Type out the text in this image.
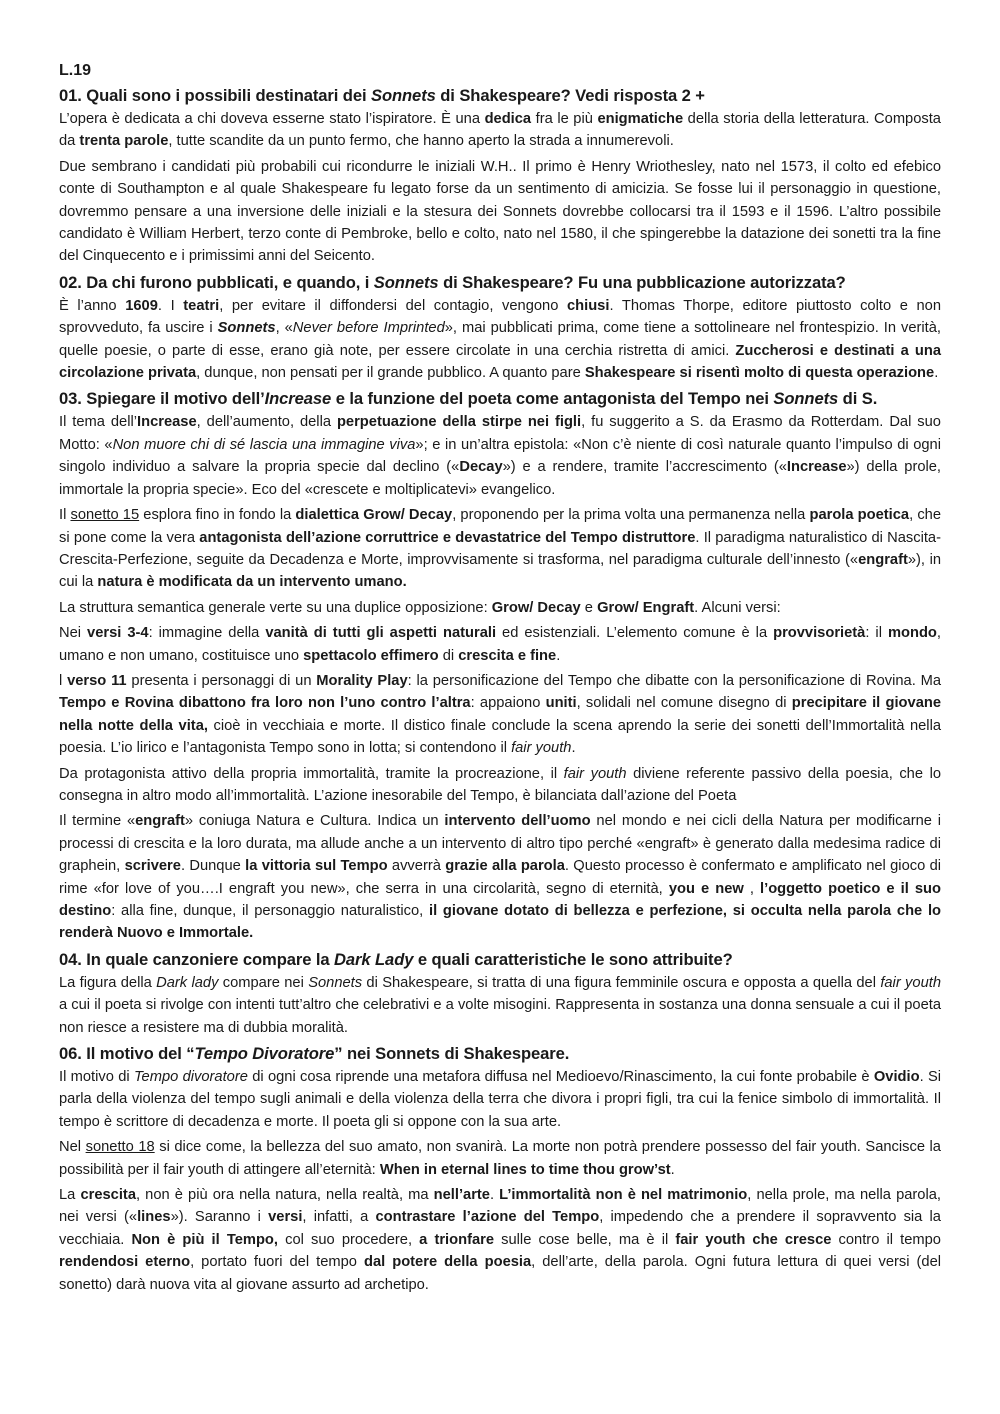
L.19
01. Quali sono i possibili destinatari dei Sonnets di Shakespeare? Vedi risposta 2 +
L’opera è dedicata a chi doveva esserne stato l’ispiratore. È una dedica fra le più enigmatiche della storia della letteratura. Composta da trenta parole, tutte scandite da un punto fermo, che hanno aperto la strada a innumerevoli.
Due sembrano i candidati più probabili cui ricondurre le iniziali W.H.. Il primo è Henry Wriothesley, nato nel 1573, il colto ed efebico conte di Southampton e al quale Shakespeare fu legato forse da un sentimento di amicizia. Se fosse lui il personaggio in questione, dovremmo pensare a una inversione delle iniziali e la stesura dei Sonnets dovrebbe collocarsi tra il 1593 e il 1596. L’altro possibile candidato è William Herbert, terzo conte di Pembroke, bello e colto, nato nel 1580, il che spingerebbe la datazione dei sonetti tra la fine del Cinquecento e i primissimi anni del Seicento.
02. Da chi furono pubblicati, e quando, i Sonnets di Shakespeare? Fu una pubblicazione autorizzata?
È l’anno 1609. I teatri, per evitare il diffondersi del contagio, vengono chiusi. Thomas Thorpe, editore piuttosto colto e non sprovveduto, fa uscire i Sonnets, «Never before Imprinted», mai pubblicati prima, come tiene a sottolineare nel frontespizio. In verità, quelle poesie, o parte di esse, erano già note, per essere circolate in una cerchia ristretta di amici. Zuccherosi e destinati a una circolazione privata, dunque, non pensati per il grande pubblico. A quanto pare Shakespeare si risentì molto di questa operazione.
03. Spiegare il motivo dell’Increase e la funzione del poeta come antagonista del Tempo nei Sonnets di S.
Il tema dell’Increase, dell’aumento, della perpetuazione della stirpe nei figli, fu suggerito a S. da Erasmo da Rotterdam. Dal suo Motto: «Non muore chi di sé lascia una immagine viva»; e in un’altra epistola: «Non c’è niente di così naturale quanto l’impulso di ogni singolo individuo a salvare la propria specie dal declino («Decay») e a rendere, tramite l’accrescimento («Increase») della prole, immortale la propria specie». Eco del «crescete e moltiplicatevi» evangelico.
Il sonetto 15 esplora fino in fondo la dialettica Grow/ Decay, proponendo per la prima volta una permanenza nella parola poetica, che si pone come la vera antagonista dell’azione corruttrice e devastatrice del Tempo distruttore. Il paradigma naturalistico di Nascita-Crescita-Perfezione, seguite da Decadenza e Morte, improvvisamente si trasforma, nel paradigma culturale dell’innesto («engraft»), in cui la natura è modificata da un intervento umano.
La struttura semantica generale verte su una duplice opposizione: Grow/ Decay e Grow/ Engraft. Alcuni versi:
Nei versi 3-4: immagine della vanità di tutti gli aspetti naturali ed esistenziali. L’elemento comune è la provvisorietà: il mondo, umano e non umano, costituisce uno spettacolo effimero di crescita e fine.
l verso 11 presenta i personaggi di un Morality Play: la personificazione del Tempo che dibatte con la personificazione di Rovina. Ma Tempo e Rovina dibattono fra loro non l’uno contro l’altra: appaiono uniti, solidali nel comune disegno di precipitare il giovane nella notte della vita, cioè in vecchiaia e morte. Il distico finale conclude la scena aprendo la serie dei sonetti dell’Immortalità nella poesia. L’io lirico e l’antagonista Tempo sono in lotta; si contendono il fair youth.
Da protagonista attivo della propria immortalità, tramite la procreazione, il fair youth diviene referente passivo della poesia, che lo consegna in altro modo all’immortalità. L’azione inesorabile del Tempo, è bilanciata dall’azione del Poeta
Il termine «engraft» coniuga Natura e Cultura. Indica un intervento dell’uomo nel mondo e nei cicli della Natura per modificarne i processi di crescita e la loro durata, ma allude anche a un intervento di altro tipo perché «engraft» è generato dalla medesima radice di graphein, scrivere. Dunque la vittoria sul Tempo avverrà grazie alla parola. Questo processo è confermato e amplificato nel gioco di rime «for love of you….I engraft you new», che serra in una circolarità, segno di eternità, you e new , l’oggetto poetico e il suo destino: alla fine, dunque, il personaggio naturalistico, il giovane dotato di bellezza e perfezione, si occulta nella parola che lo renderà Nuovo e Immortale.
04. In quale canzoniere compare la Dark Lady e quali caratteristiche le sono attribuite?
La figura della Dark lady compare nei Sonnets di Shakespeare, si tratta di una figura femminile oscura e opposta a quella del fair youth a cui il poeta si rivolge con intenti tutt’altro che celebrativi e a volte misogini. Rappresenta in sostanza una donna sensuale a cui il poeta non riesce a resistere ma di dubbia moralità.
06. Il motivo del “Tempo Divoratore” nei Sonnets di Shakespeare.
Il motivo di Tempo divoratore di ogni cosa riprende una metafora diffusa nel Medioevo/Rinascimento, la cui fonte probabile è Ovidio. Si parla della violenza del tempo sugli animali e della violenza della terra che divora i propri figli, tra cui la fenice simbolo di immortalità. Il tempo è scrittore di decadenza e morte. Il poeta gli si oppone con la sua arte.
Nel sonetto 18 si dice come, la bellezza del suo amato, non svanirà. La morte non potrà prendere possesso del fair youth. Sancisce la possibilità per il fair youth di attingere all’eternità: When in eternal lines to time thou grow’st.
La crescita, non è più ora nella natura, nella realtà, ma nell’arte. L’immortalità non è nel matrimonio, nella prole, ma nella parola, nei versi («lines»). Saranno i versi, infatti, a contrastare l’azione del Tempo, impedendo che a prendere il sopravvento sia la vecchiaia. Non è più il Tempo, col suo procedere, a trionfare sulle cose belle, ma è il fair youth che cresce contro il tempo rendendosi eterno, portato fuori del tempo dal potere della poesia, dell’arte, della parola. Ogni futura lettura di quei versi (del sonetto) darà nuova vita al giovane assurto ad archetipo.
